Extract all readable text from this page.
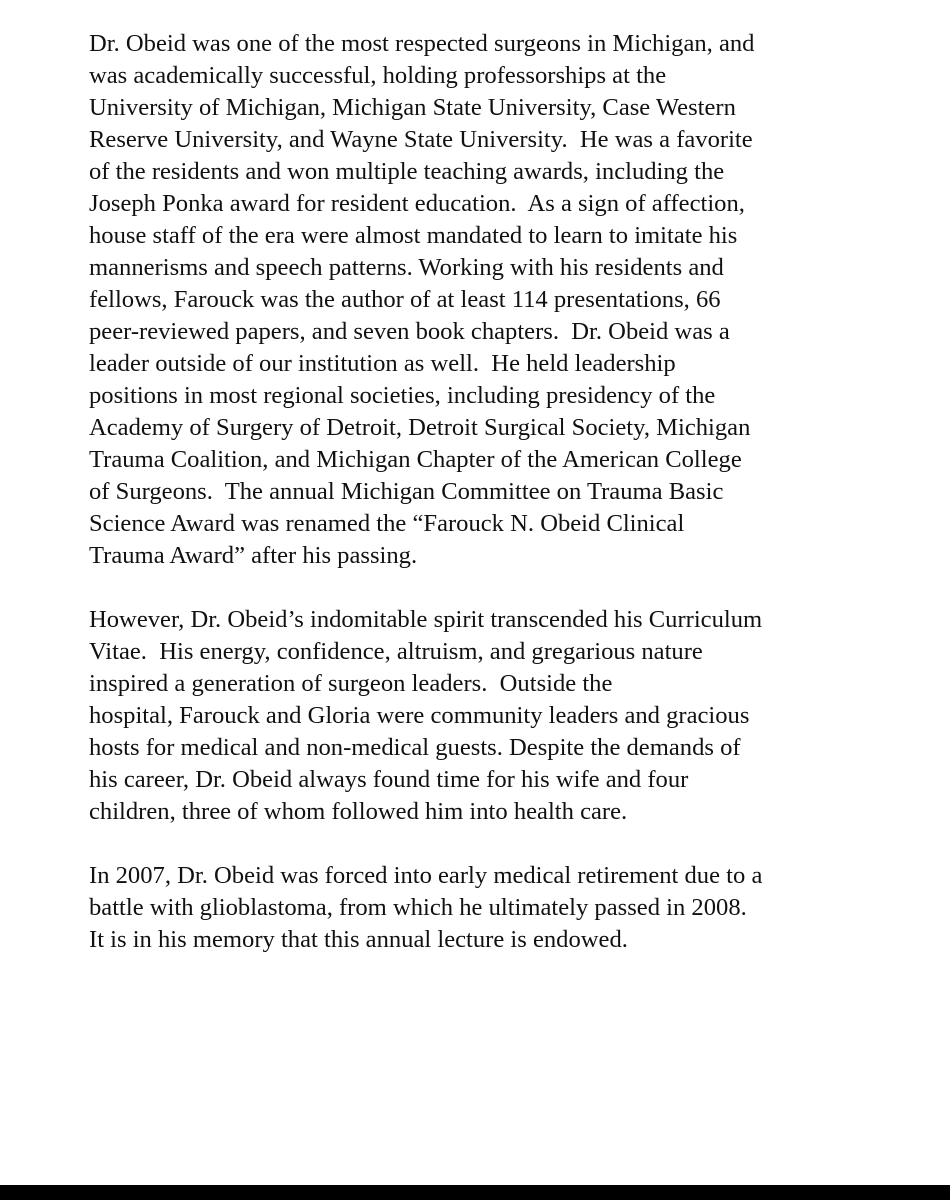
Dr. Obeid was one of the most respected surgeons in Michigan, and
was academically successful, holding professorships at the
University of Michigan, Michigan State University, Case Western
Reserve University, and Wayne State University.  He was a favorite
of the residents and won multiple teaching awards, including the
Joseph Ponka award for resident education.  As a sign of affection,
house staff of the era were almost mandated to learn to imitate his
mannerisms and speech patterns. Working with his residents and
fellows, Farouck was the author of at least 114 presentations, 66
peer-reviewed papers, and seven book chapters.  Dr. Obeid was a
leader outside of our institution as well.  He held leadership
positions in most regional societies, including presidency of the
Academy of Surgery of Detroit, Detroit Surgical Society, Michigan
Trauma Coalition, and Michigan Chapter of the American College
of Surgeons.  The annual Michigan Committee on Trauma Basic
Science Award was renamed the “Farouck N. Obeid Clinical
Trauma Award” after his passing.
However, Dr. Obeid’s indomitable spirit transcended his Curriculum
Vitae.  His energy, confidence, altruism, and gregarious nature
inspired a generation of surgeon leaders.  Outside the
hospital, Farouck and Gloria were community leaders and gracious
hosts for medical and non-medical guests. Despite the demands of
his career, Dr. Obeid always found time for his wife and four
children, three of whom followed him into health care.
In 2007, Dr. Obeid was forced into early medical retirement due to a
battle with glioblastoma, from which he ultimately passed in 2008.
It is in his memory that this annual lecture is endowed.
